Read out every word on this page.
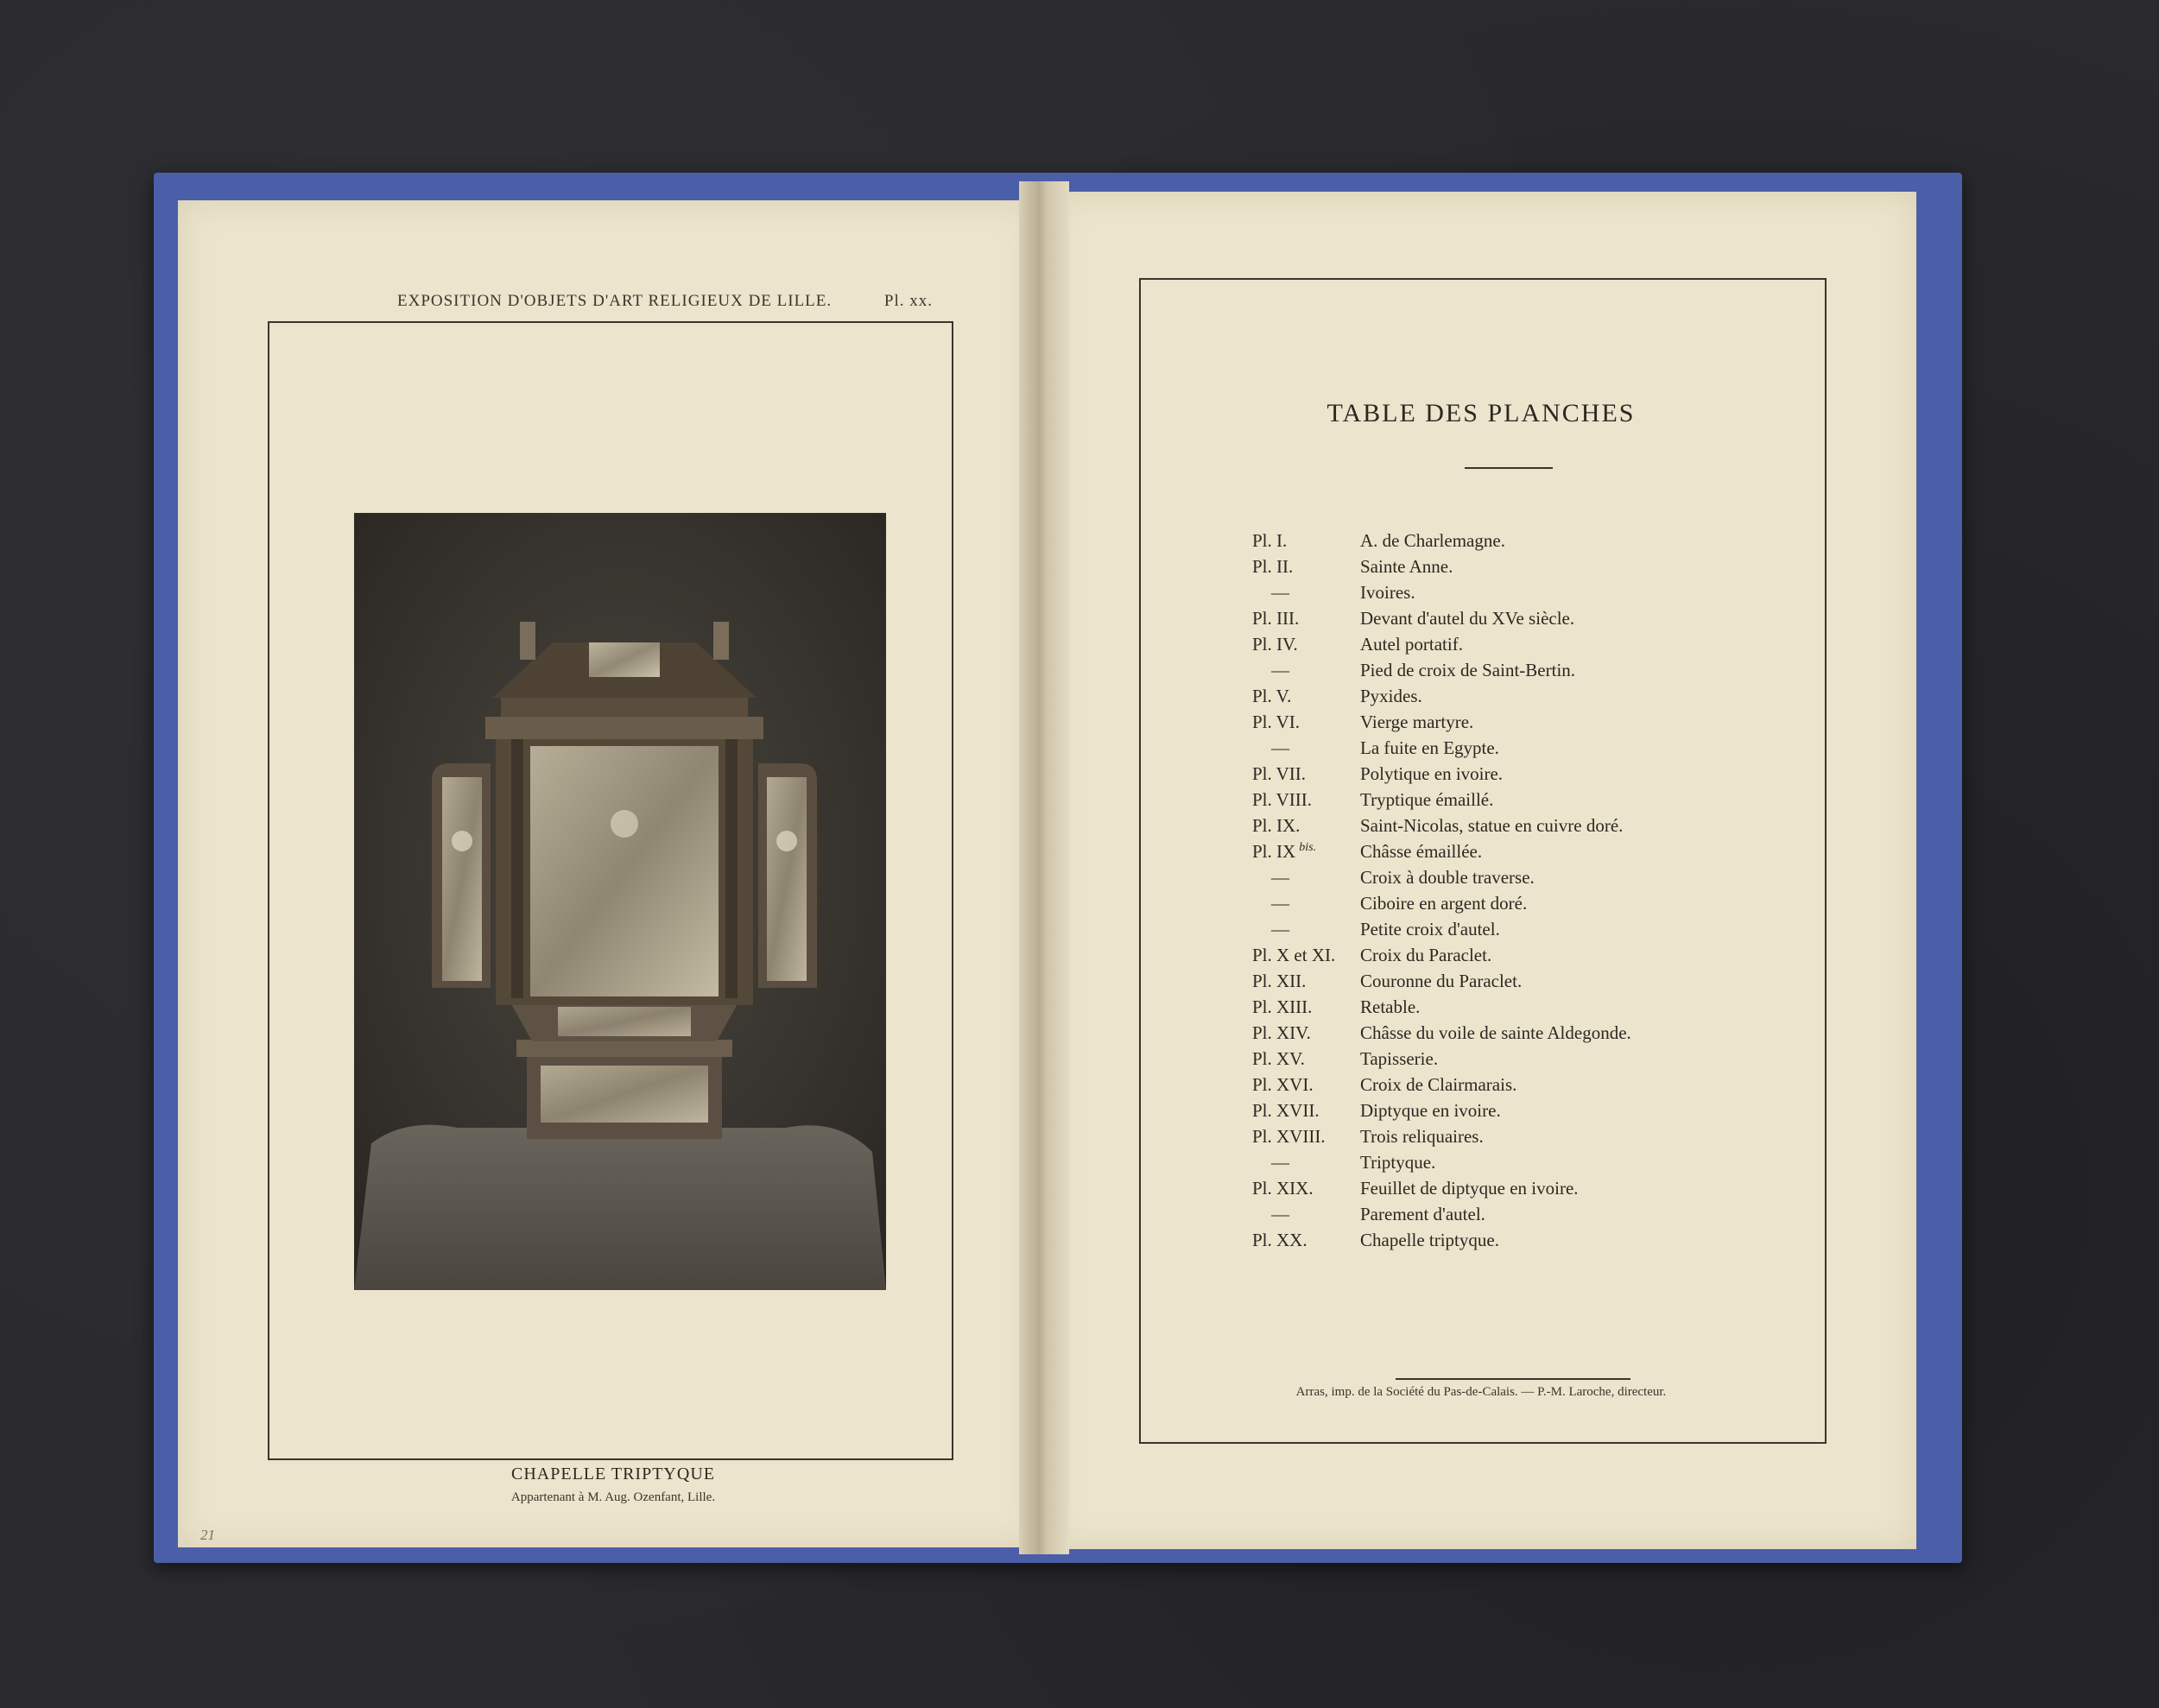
EXPOSITION D'OBJETS D'ART RELIGIEUX DE LILLE.	Pl. xx.
CHAPELLE TRIPTYQUE
Appartenant à M. Aug. Ozenfant, Lille.
21
TABLE DES PLANCHES
Pl. I.	A. de Charlemagne.
Pl. II.	Sainte Anne.
—	Ivoires.
Pl. III.	Devant d'autel du XVe siècle.
Pl. IV.	Autel portatif.
—	Pied de croix de Saint-Bertin.
Pl. V.	Pyxides.
Pl. VI.	Vierge martyre.
—	La fuite en Egypte.
Pl. VII.	Polytique en ivoire.
Pl. VIII.	Tryptique émaillé.
Pl. IX.	Saint-Nicolas, statue en cuivre doré.
Pl. IX $^{bis.}$ Châsse émaillée.
—	Croix à double traverse.
—	Ciboire en argent doré.
—	Petite croix d'autel.
Pl. X et XI. Croix du Paraclet.
Pl. XII.	Couronne du Paraclet.
Pl. XIII.	Retable.
Pl. XIV.	Châsse du voile de sainte Aldegonde.
Pl. XV.	Tapisserie.
Pl. XVI.	Croix de Clairmarais.
Pl. XVII. Diptyque en ivoire.
Pl. XVIII. Trois reliquaires.
—	Triptyque.
Pl. XIX.	Feuillet de diptyque en ivoire.
—	Parement d'autel.
Pl. XX.	Chapelle triptyque.
Arras, imp. de la Société du Pas-de-Calais. — P.-M. Laroche, directeur.
